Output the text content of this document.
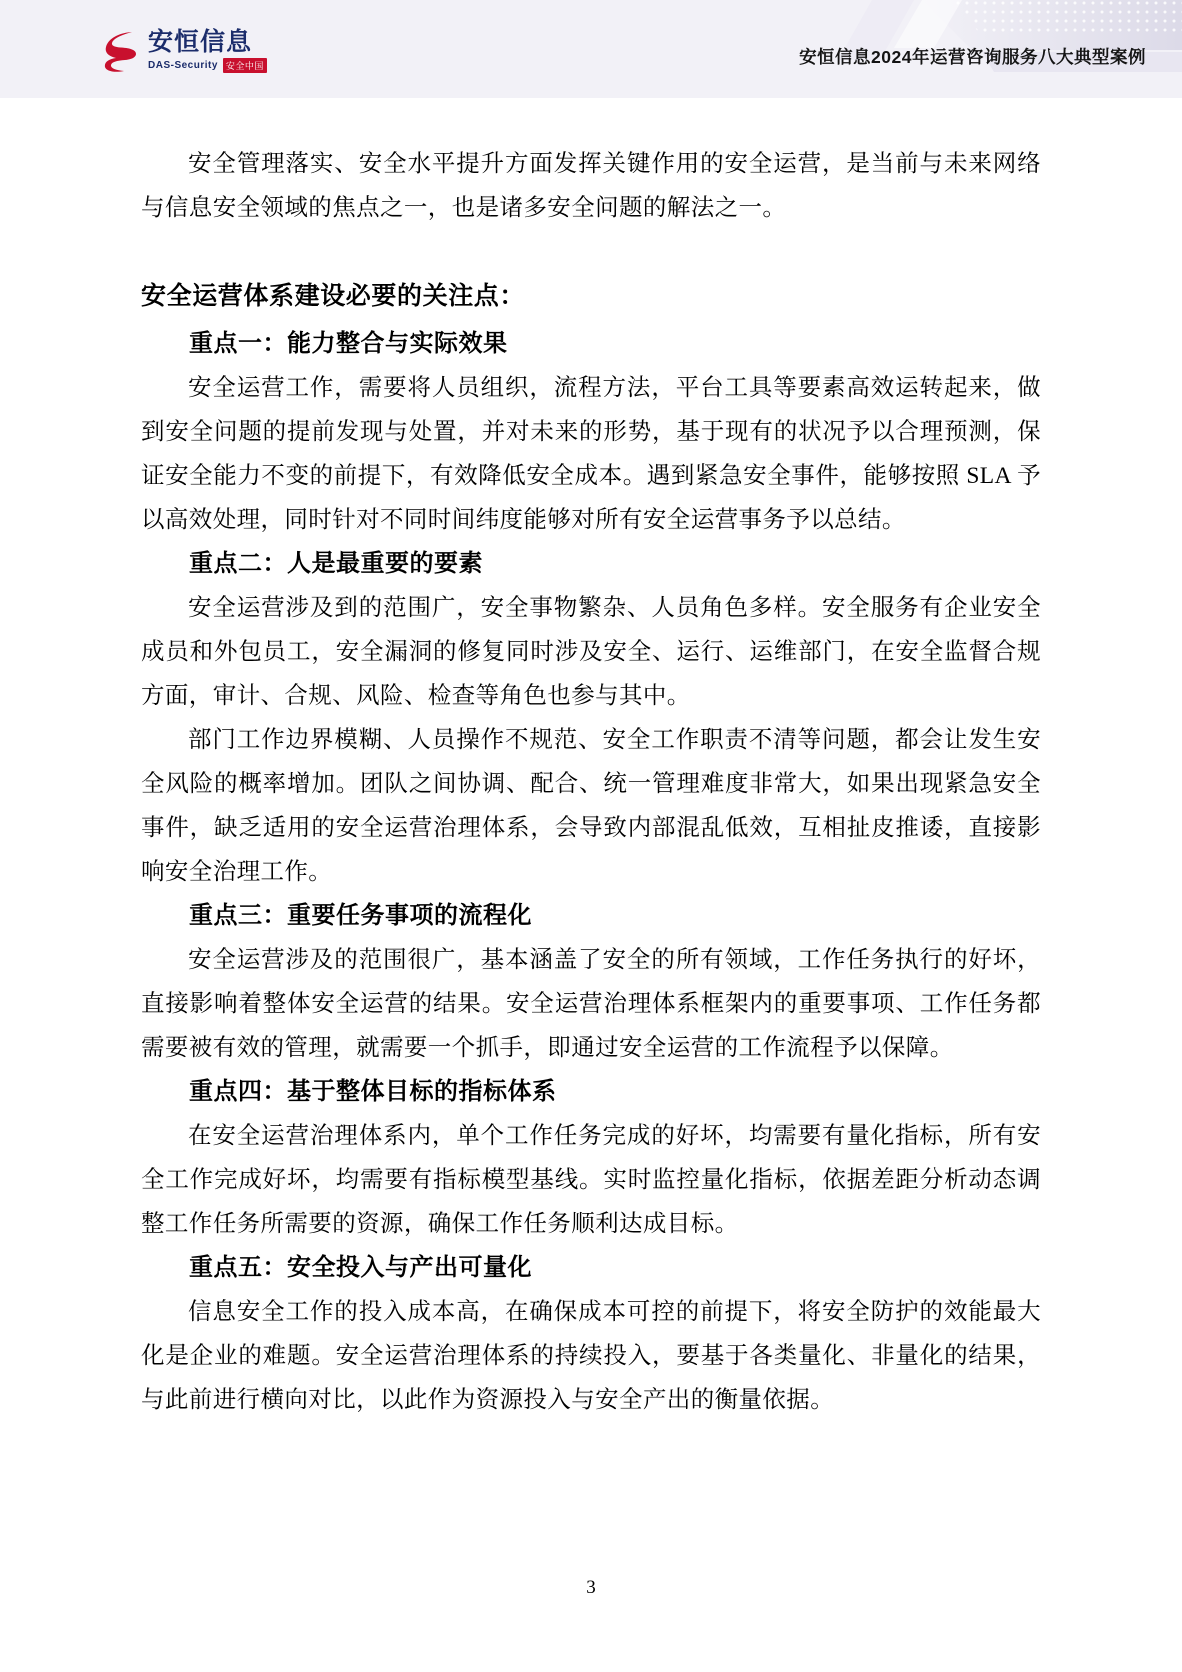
安恒信息
DAS-Security 安全中国	安恒信息2024年运营咨询服务八大典型案例

安全管理落实、安全水平提升方面发挥关键作用的安全运营，是当前与未来网络与信息安全领域的焦点之一，也是诸多安全问题的解法之一。

安全运营体系建设必要的关注点：
重点一：能力整合与实际效果

安全运营工作，需要将人员组织，流程方法，平台工具等要素高效运转起来，做到安全问题的提前发现与处置，并对未来的形势，基于现有的状况予以合理预测，保证安全能力不变的前提下，有效降低安全成本。遇到紧急安全事件，能够按照 SLA 予以高效处理，同时针对不同时间纬度能够对所有安全运营事务予以总结。

重点二：人是最重要的要素

安全运营涉及到的范围广，安全事物繁杂、人员角色多样。安全服务有企业安全成员和外包员工，安全漏洞的修复同时涉及安全、运行、运维部门，在安全监督合规方面，审计、合规、风险、检查等角色也参与其中。

部门工作边界模糊、人员操作不规范、安全工作职责不清等问题，都会让发生安全风险的概率增加。团队之间协调、配合、统一管理难度非常大，如果出现紧急安全事件，缺乏适用的安全运营治理体系，会导致内部混乱低效，互相扯皮推诿，直接影响安全治理工作。

重点三：重要任务事项的流程化

安全运营涉及的范围很广，基本涵盖了安全的所有领域，工作任务执行的好坏，直接影响着整体安全运营的结果。安全运营治理体系框架内的重要事项、工作任务都需要被有效的管理，就需要一个抓手，即通过安全运营的工作流程予以保障。

重点四：基于整体目标的指标体系

在安全运营治理体系内，单个工作任务完成的好坏，均需要有量化指标，所有安全工作完成好坏，均需要有指标模型基线。实时监控量化指标，依据差距分析动态调整工作任务所需要的资源，确保工作任务顺利达成目标。

重点五：安全投入与产出可量化

信息安全工作的投入成本高，在确保成本可控的前提下，将安全防护的效能最大化是企业的难题。安全运营治理体系的持续投入，要基于各类量化、非量化的结果，与此前进行横向对比，以此作为资源投入与安全产出的衡量依据。

3
